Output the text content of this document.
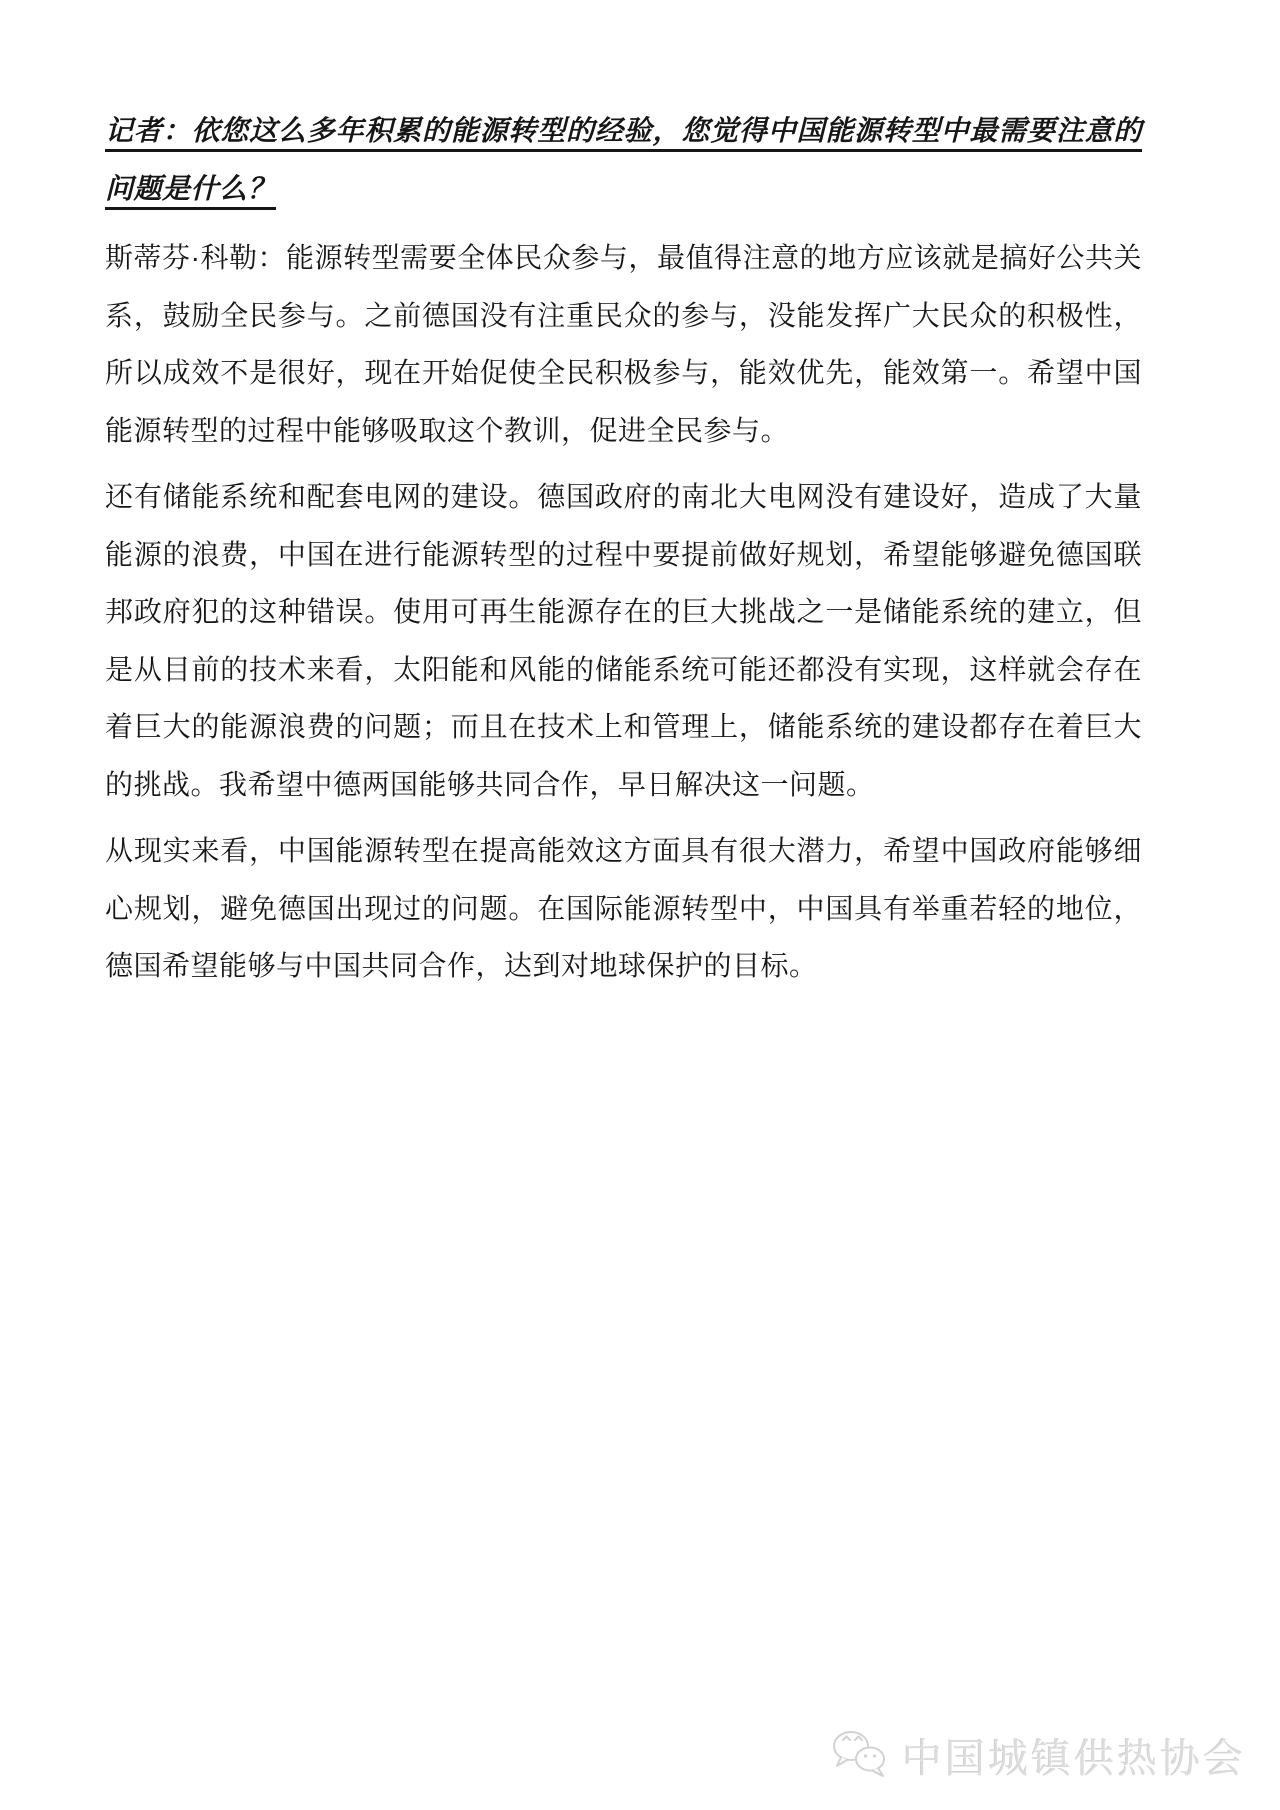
记者：依您这么多年积累的能源转型的经验，您觉得中国能源转型中最需要注意的问题是什么？

斯蒂芬·科勒：能源转型需要全体民众参与，最值得注意的地方应该就是搞好公共关系，鼓励全民参与。之前德国没有注重民众的参与，没能发挥广大民众的积极性，所以成效不是很好，现在开始促使全民积极参与，能效优先，能效第一。希望中国能源转型的过程中能够吸取这个教训，促进全民参与。

还有储能系统和配套电网的建设。德国政府的南北大电网没有建设好，造成了大量能源的浪费，中国在进行能源转型的过程中要提前做好规划，希望能够避免德国联邦政府犯的这种错误。使用可再生能源存在的巨大挑战之一是储能系统的建立，但是从目前的技术来看，太阳能和风能的储能系统可能还都没有实现，这样就会存在着巨大的能源浪费的问题；而且在技术上和管理上，储能系统的建设都存在着巨大的挑战。我希望中德两国能够共同合作，早日解决这一问题。

从现实来看，中国能源转型在提高能效这方面具有很大潜力，希望中国政府能够细心规划，避免德国出现过的问题。在国际能源转型中，中国具有举重若轻的地位，德国希望能够与中国共同合作，达到对地球保护的目标。

中国城镇供热协会
